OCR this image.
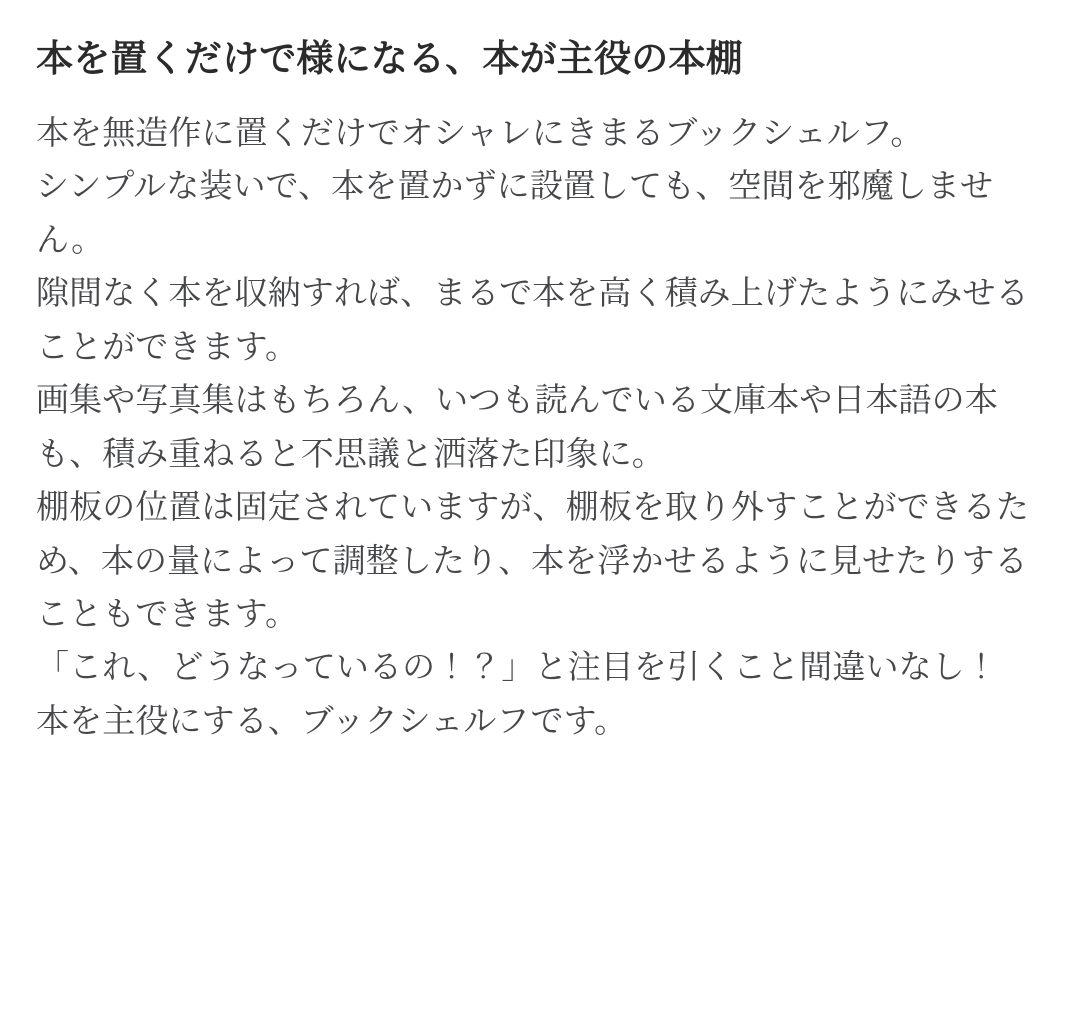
本を置くだけで様になる、本が主役の本棚

本を無造作に置くだけでオシャレにきまるブックシェルフ。

シンプルな装いで、本を置かずに設置しても、空間を邪魔しません。

隙間なく本を収納すれば、まるで本を高く積み上げたようにみせることができます。

画集や写真集はもちろん、いつも読んでいる文庫本や日本語の本も、積み重ねると不思議と洒落た印象に。

棚板の位置は固定されていますが、棚板を取り外すことができるため、本の量によって調整したり、本を浮かせるように見せたりすることもできます。

「これ、どうなっているの！？」と注目を引くこと間違いなし！

本を主役にする、ブックシェルフです。
